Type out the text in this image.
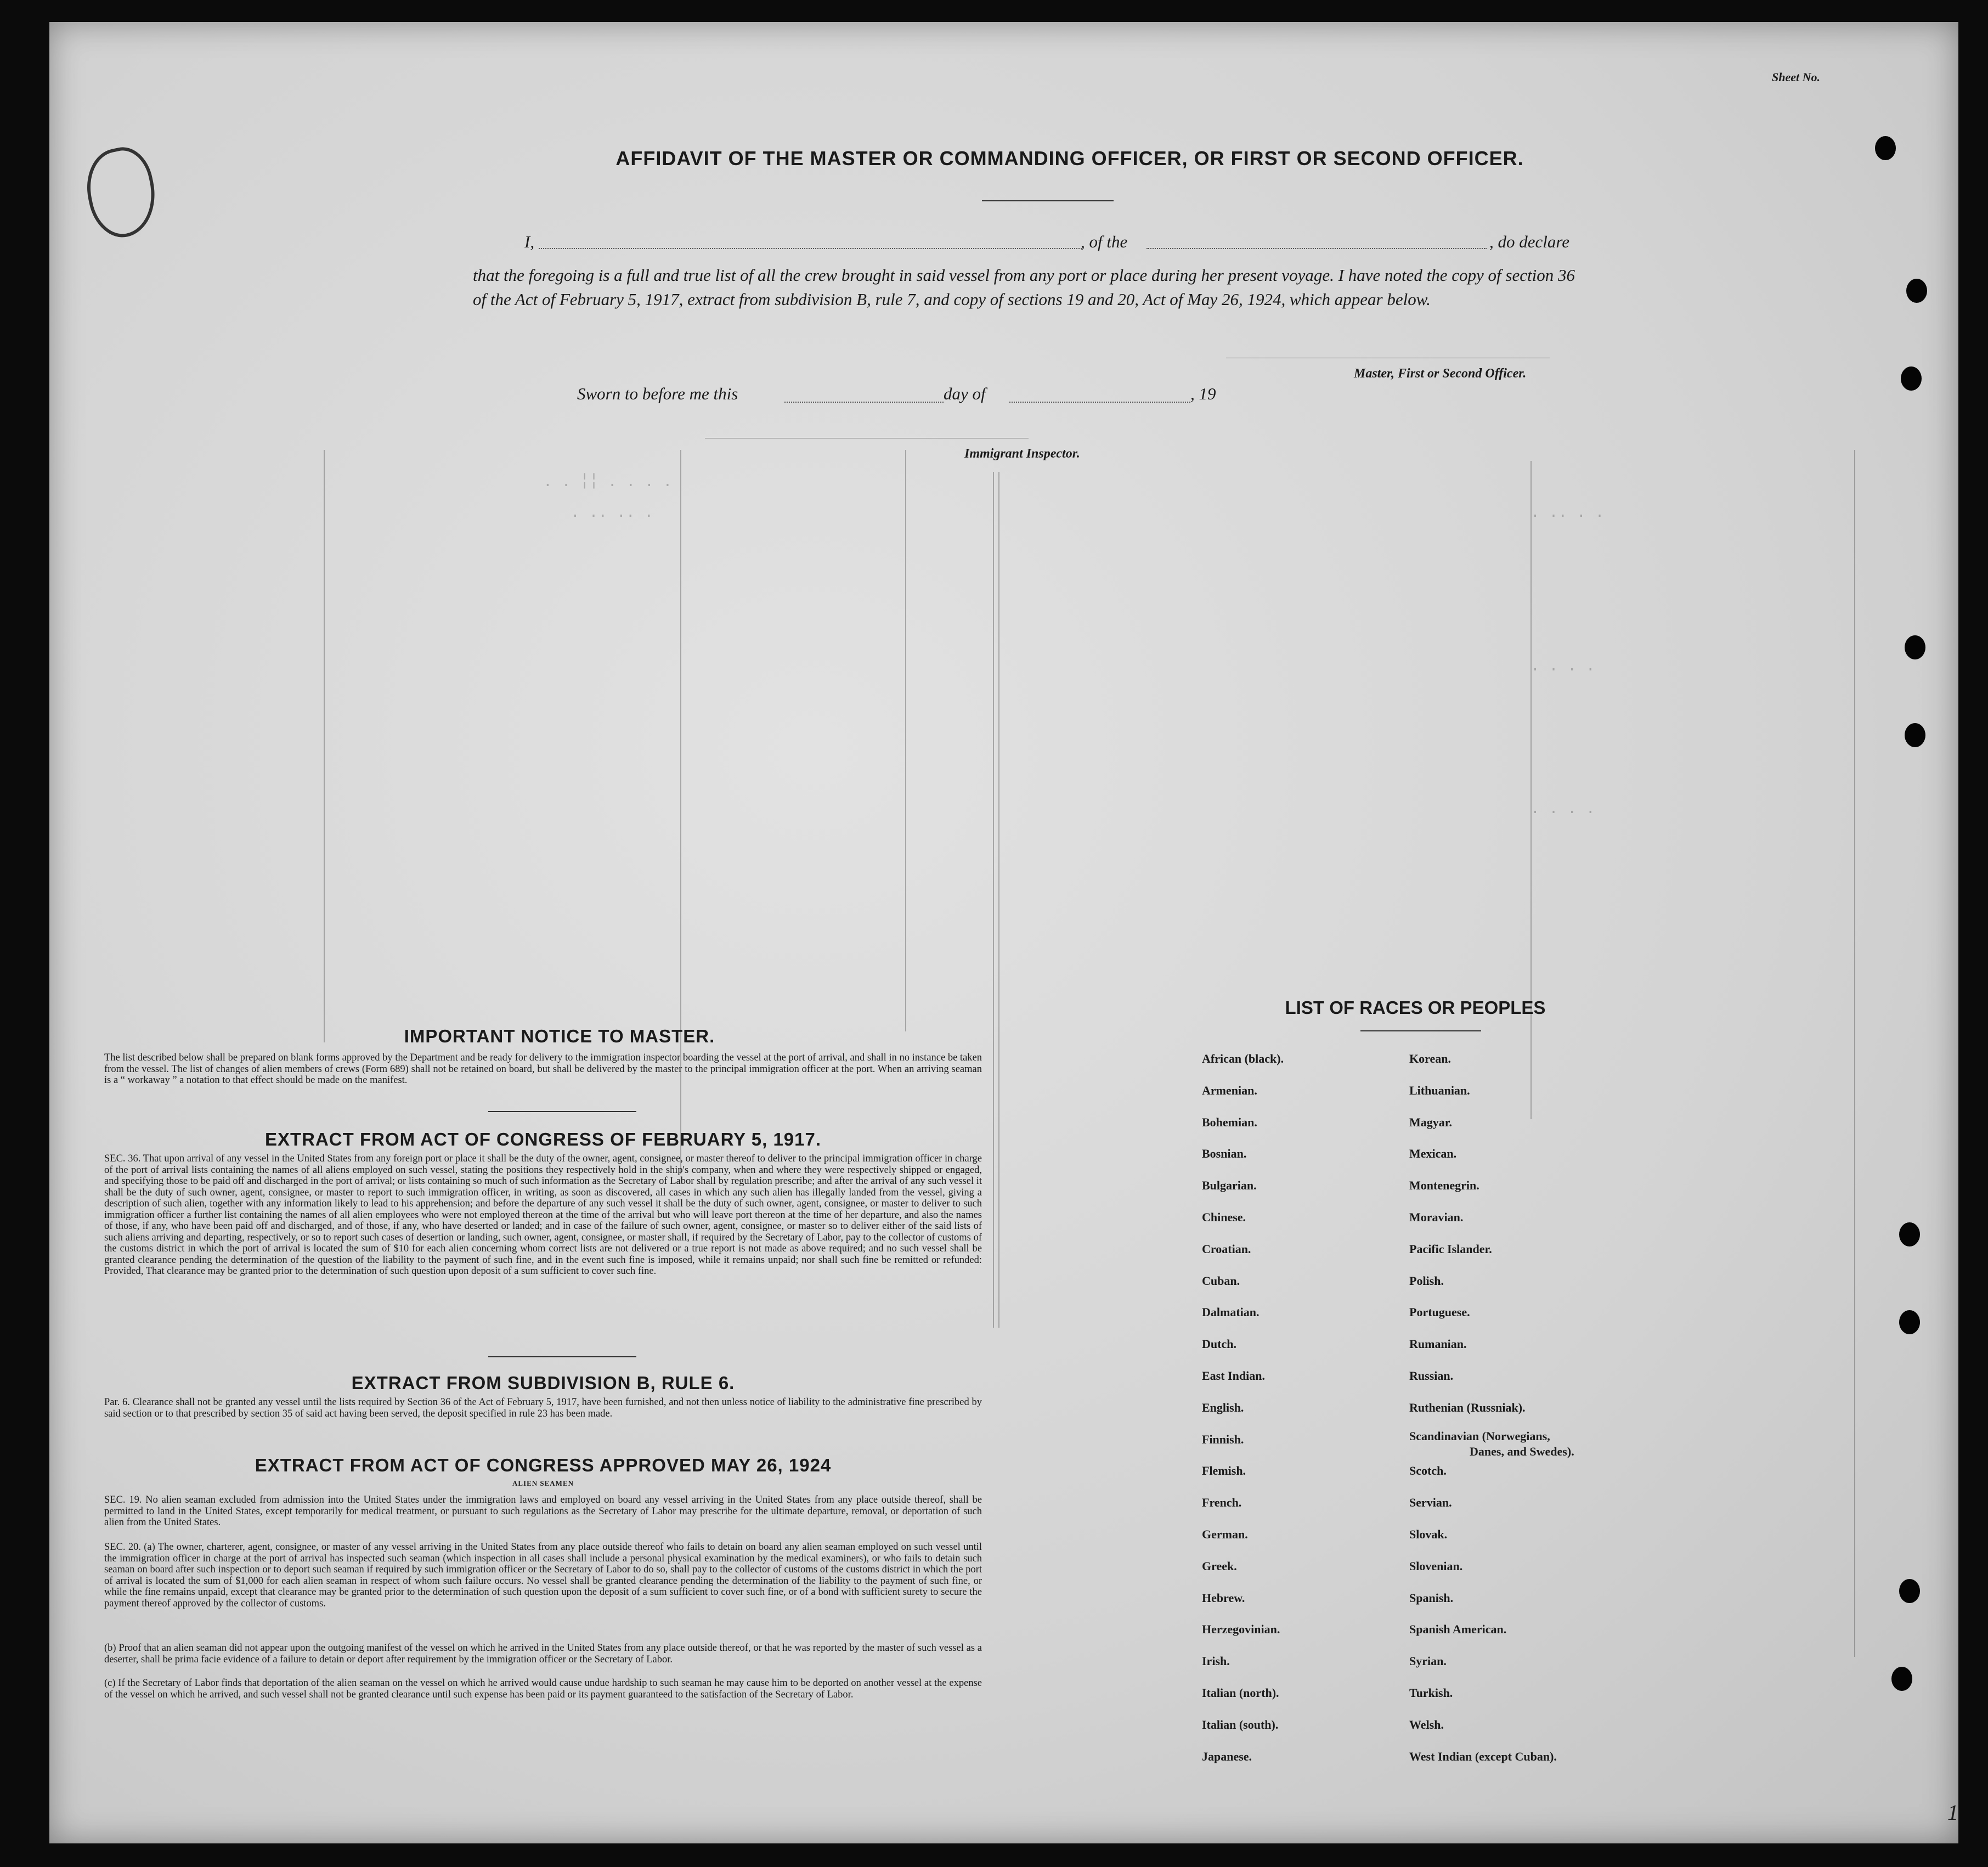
. . ╎╎ . . . .
. .. .. .	. .. . .
. . . .
. . . .
Sheet No.
AFFIDAVIT OF THE MASTER OR COMMANDING OFFICER, OR FIRST OR SECOND OFFICER.
I,	, of the	, do declare
that the foregoing is a full and true list of all the crew brought in said vessel from any port or place during her present voyage. I have noted the copy of section 36 of the Act of February 5, 1917, extract from subdivision B, rule 7, and copy of sections 19 and 20, Act of May 26, 1924, which appear below.
Master, First or Second Officer.
Sworn to before me this	day of	, 19
Immigrant Inspector.
IMPORTANT NOTICE TO MASTER.
The list described below shall be prepared on blank forms approved by the Department and be ready for delivery to the immigration inspector boarding the vessel at the port of arrival, and shall in no instance be taken from the vessel. The list of changes of alien members of crews (Form 689) shall not be retained on board, but shall be delivered by the master to the principal immigration officer at the port. When an arriving seaman is a “ workaway ” a notation to that effect should be made on the manifest.
EXTRACT FROM ACT OF CONGRESS OF FEBRUARY 5, 1917.
SEC. 36. That upon arrival of any vessel in the United States from any foreign port or place it shall be the duty of the owner, agent, consignee, or master thereof to deliver to the principal immigration officer in charge of the port of arrival lists containing the names of all aliens employed on such vessel, stating the positions they respectively hold in the ship's company, when and where they were respectively shipped or engaged, and specifying those to be paid off and discharged in the port of arrival; or lists containing so much of such information as the Secretary of Labor shall by regulation prescribe; and after the arrival of any such vessel it shall be the duty of such owner, agent, consignee, or master to report to such immigration officer, in writing, as soon as discovered, all cases in which any such alien has illegally landed from the vessel, giving a description of such alien, together with any information likely to lead to his apprehension; and before the departure of any such vessel it shall be the duty of such owner, agent, consignee, or master to deliver to such immigration officer a further list containing the names of all alien employees who were not employed thereon at the time of the arrival but who will leave port thereon at the time of her departure, and also the names of those, if any, who have been paid off and discharged, and of those, if any, who have deserted or landed; and in case of the failure of such owner, agent, consignee, or master so to deliver either of the said lists of such aliens arriving and departing, respectively, or so to report such cases of desertion or landing, such owner, agent, consignee, or master shall, if required by the Secretary of Labor, pay to the collector of customs of the customs district in which the port of arrival is located the sum of $10 for each alien concerning whom correct lists are not delivered or a true report is not made as above required; and no such vessel shall be granted clearance pending the determination of the question of the liability to the payment of such fine, and in the event such fine is imposed, while it remains unpaid; nor shall such fine be remitted or refunded: Provided, That clearance may be granted prior to the determination of such question upon deposit of a sum sufficient to cover such fine.
EXTRACT FROM SUBDIVISION B, RULE 6.
Par. 6. Clearance shall not be granted any vessel until the lists required by Section 36 of the Act of February 5, 1917, have been furnished, and not then unless notice of liability to the administrative fine prescribed by said section or to that prescribed by section 35 of said act having been served, the deposit specified in rule 23 has been made.
EXTRACT FROM ACT OF CONGRESS APPROVED MAY 26, 1924
ALIEN SEAMEN
SEC. 19. No alien seaman excluded from admission into the United States under the immigration laws and employed on board any vessel arriving in the United States from any place outside thereof, shall be permitted to land in the United States, except temporarily for medical treatment, or pursuant to such regulations as the Secretary of Labor may prescribe for the ultimate departure, removal, or deportation of such alien from the United States.
SEC. 20. (a) The owner, charterer, agent, consignee, or master of any vessel arriving in the United States from any place outside thereof who fails to detain on board any alien seaman employed on such vessel until the immigration officer in charge at the port of arrival has inspected such seaman (which inspection in all cases shall include a personal physical examination by the medical examiners), or who fails to detain such seaman on board after such inspection or to deport such seaman if required by such immigration officer or the Secretary of Labor to do so, shall pay to the collector of customs of the customs district in which the port of arrival is located the sum of $1,000 for each alien seaman in respect of whom such failure occurs. No vessel shall be granted clearance pending the determination of the liability to the payment of such fine, or while the fine remains unpaid, except that clearance may be granted prior to the determination of such question upon the deposit of a sum sufficient to cover such fine, or of a bond with sufficient surety to secure the payment thereof approved by the collector of customs.
(b) Proof that an alien seaman did not appear upon the outgoing manifest of the vessel on which he arrived in the United States from any place outside thereof, or that he was reported by the master of such vessel as a deserter, shall be prima facie evidence of a failure to detain or deport after requirement by the immigration officer or the Secretary of Labor.
(c) If the Secretary of Labor finds that deportation of the alien seaman on the vessel on which he arrived would cause undue hardship to such seaman he may cause him to be deported on another vessel at the expense of the vessel on which he arrived, and such vessel shall not be granted clearance until such expense has been paid or its payment guaranteed to the satisfaction of the Secretary of Labor.
LIST OF RACES OR PEOPLES
1
African (black).
Armenian.
Bohemian.
Bosnian.
Bulgarian.
Chinese.
Croatian.
Cuban.
Dalmatian.
Dutch.
East Indian.
English.
Finnish.
Flemish.
French.
German.
Greek.
Hebrew.
Herzegovinian.
Irish.
Italian (north).
Italian (south).
Japanese.
Korean.
Lithuanian.
Magyar.
Mexican.
Montenegrin.
Moravian.
Pacific Islander.
Polish.
Portuguese.
Rumanian.
Russian.
Ruthenian (Russniak).
Scandinavian (Norwegians,
Scotch.
Servian.
Slovak.
Slovenian.
Spanish.
Spanish American.
Syrian.
Turkish.
Welsh.
West Indian (except Cuban).
Danes, and Swedes).
